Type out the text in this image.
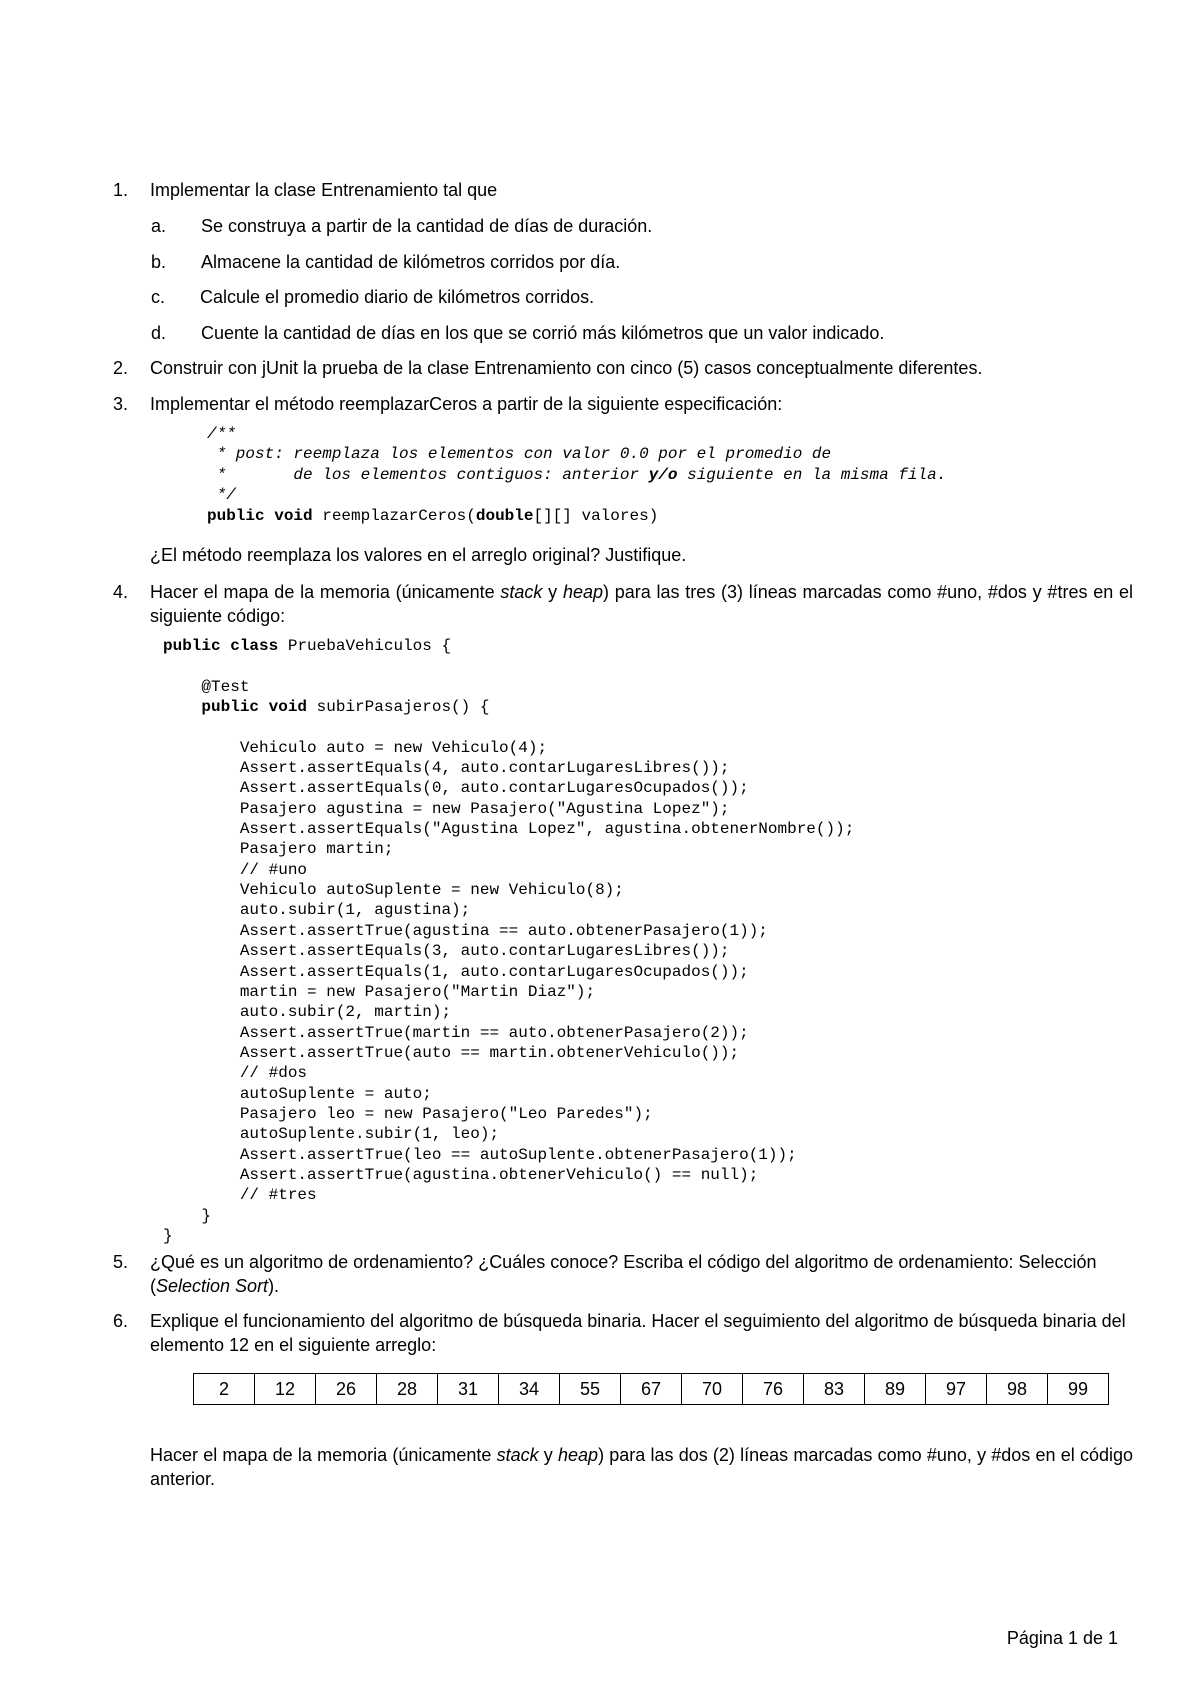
1.	Implementar la clase Entrenamiento tal que
a. Se construya a partir de la cantidad de días de duración.
b. Almacene la cantidad de kilómetros corridos por día.
c. Calcule el promedio diario de kilómetros corridos.
d. Cuente la cantidad de días en los que se corrió más kilómetros que un valor indicado.
2.	Construir con jUnit la prueba de la clase Entrenamiento con cinco (5) casos conceptualmente diferentes.
3.	Implementar el método reemplazarCeros a partir de la siguiente especificación:
/**
* post: reemplaza los elementos con valor 0.0 por el promedio de
*       de los elementos contiguos: anterior y/o siguiente en la misma fila.
*/
public void reemplazarCeros(double[][] valores)
¿El método reemplaza los valores en el arreglo original? Justifique.
4.	Hacer el mapa de la memoria (únicamente stack y heap) para las tres (3) líneas marcadas como #uno, #dos y #tres en el siguiente código:
public class PruebaVehiculos {

@Test
public void subirPasajeros() {

Vehiculo auto = new Vehiculo(4);
Assert.assertEquals(4, auto.contarLugaresLibres());
Assert.assertEquals(0, auto.contarLugaresOcupados());
Pasajero agustina = new Pasajero("Agustina Lopez");
Assert.assertEquals("Agustina Lopez", agustina.obtenerNombre());
Pasajero martin;
// #uno
Vehiculo autoSuplente = new Vehiculo(8);
auto.subir(1, agustina);
Assert.assertTrue(agustina == auto.obtenerPasajero(1));
Assert.assertEquals(3, auto.contarLugaresLibres());
Assert.assertEquals(1, auto.contarLugaresOcupados());
martin = new Pasajero("Martin Diaz");
auto.subir(2, martin);
Assert.assertTrue(martin == auto.obtenerPasajero(2));
Assert.assertTrue(auto == martin.obtenerVehiculo());
// #dos
autoSuplente = auto;
Pasajero leo = new Pasajero("Leo Paredes");
autoSuplente.subir(1, leo);
Assert.assertTrue(leo == autoSuplente.obtenerPasajero(1));
Assert.assertTrue(agustina.obtenerVehiculo() == null);
// #tres
}
}
5.	¿Qué es un algoritmo de ordenamiento? ¿Cuáles conoce? Escriba el código del algoritmo de ordenamiento: Selección (Selection Sort).
6.	Explique el funcionamiento del algoritmo de búsqueda binaria. Hacer el seguimiento del algoritmo de búsqueda binaria del elemento 12 en el siguiente arreglo:
2	12	26	28	31	34	55	67	70	76	83	89	97	98	99
Hacer el mapa de la memoria (únicamente stack y heap) para las dos (2) líneas marcadas como #uno, y #dos en el código anterior.
Página 1 de 1
